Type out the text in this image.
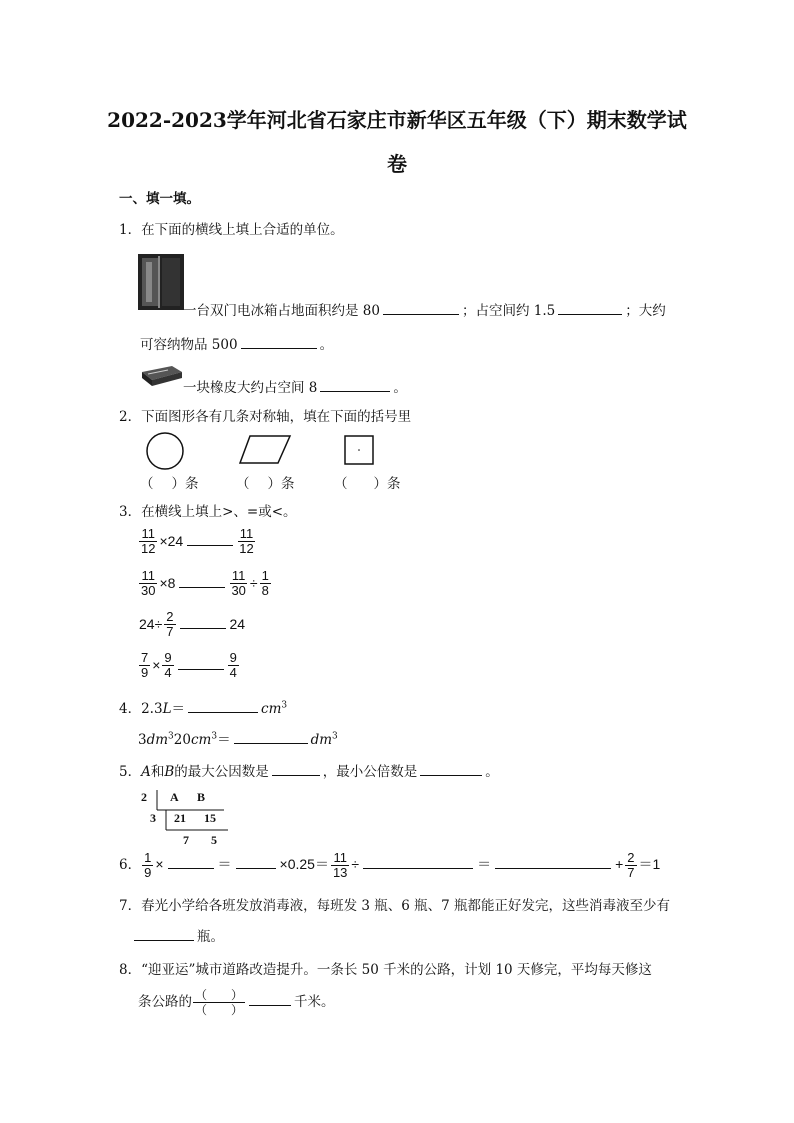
2022-2023学年河北省石家庄市新华区五年级（下）期末数学试
卷
一、填一填。
1．在下面的横线上填上合适的单位。
一台双门电冰箱占地面积约是 80	；占空间约 1.5	；大约
可容纳物品 500	。
一块橡皮大约占空间 8	。
2．下面图形各有几条对称轴，填在下面的括号里
（ ）条	（ ）条	（ ）条
3．在横线上填上>、=或<。
$\frac{11}{12} \times 24$	$\frac{11}{12}$
$\frac{11}{30} \times 8$	$\frac{11}{30} \div \frac{1}{8}$
$24\div \frac{2}{7}$	24
$\frac{7}{9} \times \frac{9}{4}$	$\frac{9}{4}$
4．2.3L＝	$cm^3$
$3dm^320cm^3=$	$dm^3$
5．A和B的最大公因数是	，最小公倍数是	。
2 A B
3 21 15
7 5
6． $\frac{1}{9}$ ×	＝	$\times 0.25= \frac{11}{13}$ ÷	＝	+ $\frac{2}{7} =1$
7．春光小学给各班发放消毒液，每班发 3 瓶、6 瓶、7 瓶都能正好发完，这些消毒液至少有
瓶。
8．“迎亚运”城市道路改造提升。一条长 50 千米的公路，计划 10 天修完，平均每天修这
条公路的 $\frac{( )}{( )}$	千米。
